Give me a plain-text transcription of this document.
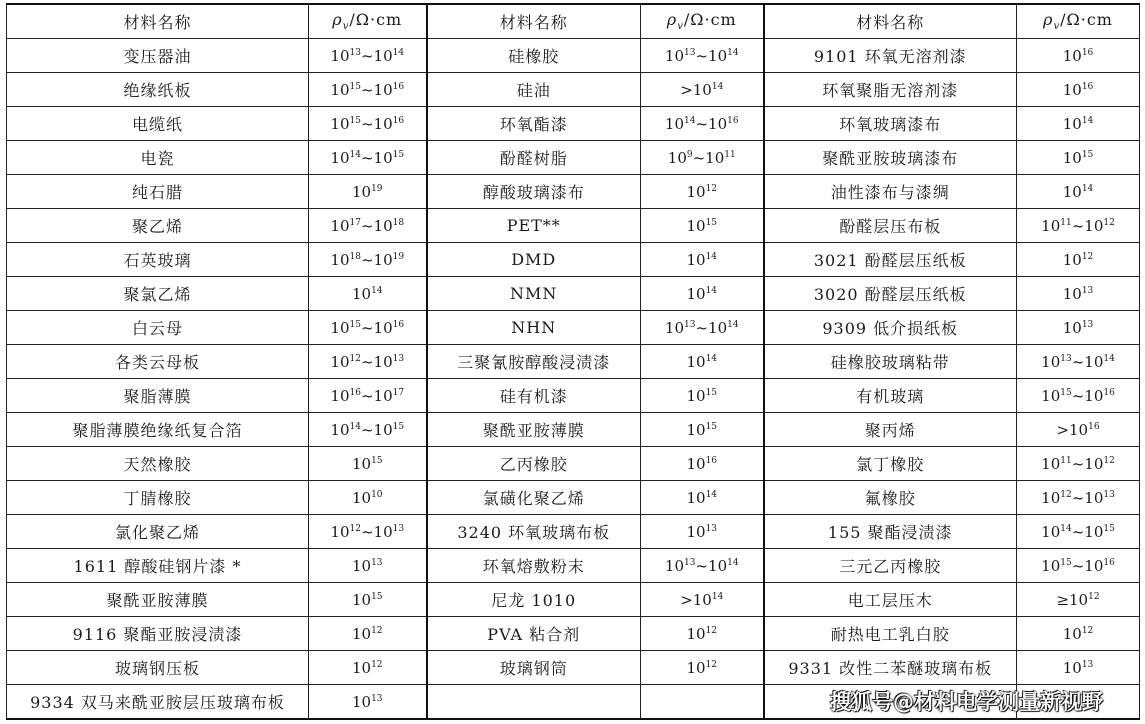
材料名称	$\rho_v/\Omega\cdot cm$	材料名称	$\rho_v/\Omega\cdot cm$	材料名称	$\rho_v/\Omega\cdot cm$
变压器油	$10^{13}\sim 10^{14}$	硅橡胶	$10^{13}\sim 10^{14}$	9101 环氧无溶剂漆	$10^{16}$
绝缘纸板	$10^{15}\sim 10^{16}$	硅油	$>10^{14}$	环氧聚脂无溶剂漆	$10^{16}$
电缆纸	$10^{15}\sim 10^{16}$	环氧酯漆	$10^{14}\sim 10^{16}$	环氧玻璃漆布	$10^{14}$
电瓷	$10^{14}\sim 10^{15}$	酚醛树脂	$10^9\sim 10^{11}$	聚酰亚胺玻璃漆布	$10^{15}$
纯石腊	$10^{19}$	醇酸玻璃漆布	$10^{12}$	油性漆布与漆绸	$10^{14}$
聚乙烯	$10^{17}\sim 10^{18}$	PET**	$10^{15}$	酚醛层压布板	$10^{11}\sim 10^{12}$
石英玻璃	$10^{18}\sim 10^{19}$	DMD	$10^{14}$	3021 酚醛层压纸板	$10^{12}$
聚氯乙烯	$10^{14}$	NMN	$10^{14}$	3020 酚醛层压纸板	$10^{13}$
白云母	$10^{15}\sim 10^{16}$	NHN	$10^{13}\sim 10^{14}$	9309 低介损纸板	$10^{13}$
各类云母板	$10^{12}\sim 10^{13}$	三聚氰胺醇酸浸渍漆	$10^{14}$	硅橡胶玻璃粘带	$10^{13}\sim 10^{14}$
聚脂薄膜	$10^{16}\sim 10^{17}$	硅有机漆	$10^{15}$	有机玻璃	$10^{15}\sim 10^{16}$
聚脂薄膜绝缘纸复合箔	$10^{14}\sim 10^{15}$	聚酰亚胺薄膜	$10^{15}$	聚丙烯	$>10^{16}$
天然橡胶	$10^{15}$	乙丙橡胶	$10^{16}$	氯丁橡胶	$10^{11}\sim 10^{12}$
丁腈橡胶	$10^{10}$	氯磺化聚乙烯	$10^{14}$	氟橡胶	$10^{12}\sim 10^{13}$
氯化聚乙烯	$10^{12}\sim 10^{13}$	3240 环氧玻璃布板	$10^{13}$	155 聚酯浸渍漆	$10^{14}\sim 10^{15}$
1611 醇酸硅钢片漆 *	$10^{13}$	环氧熔敷粉末	$10^{13}\sim 10^{14}$	三元乙丙橡胶	$10^{15}\sim 10^{16}$
聚酰亚胺薄膜	$10^{15}$	尼龙 1010	$>10^{14}$	电工层压木	$\ge 10^{12}$
9116 聚酯亚胺浸渍漆	$10^{12}$	PVA 粘合剂	$10^{12}$	耐热电工乳白胶	$10^{12}$
玻璃钢压板	$10^{12}$	玻璃钢筒	$10^{12}$	9331 改性二苯醚玻璃布板	$10^{13}$
9334 双马来酰亚胺层压玻璃布板	$10^{13}$					搜狐号@材料电学测量新视野
